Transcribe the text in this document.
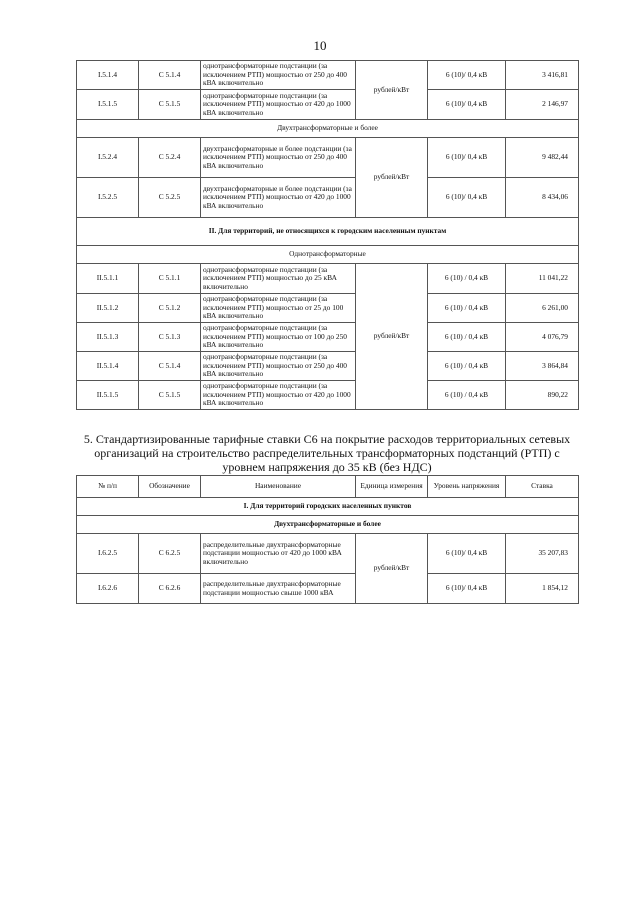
10
I.5.1.4	С 5.1.4	однотрансформаторные подстанции (за исключением РТП) мощностью от 250 до 400 кВА включительно	рублей/кВт	6 (10)/ 0,4 кВ	3 416,81
I.5.1.5	С 5.1.5	однотрансформаторные подстанции (за исключением РТП) мощностью от 420 до 1000 кВА включительно		6 (10)/ 0,4 кВ	2 146,97
Двухтрансформаторные и более					
I.5.2.4	С 5.2.4	двухтрансформаторные и более подстанции (за исключением РТП) мощностью от 250 до 400 кВА включительно	рублей/кВт	6 (10)/ 0,4 кВ	9 482,44
I.5.2.5	С 5.2.5	двухтрансформаторные и более подстанции (за исключением РТП) мощностью от 420 до 1000 кВА включительно		6 (10)/ 0,4 кВ	8 434,06
II. Для территорий, не относящихся к городским населенным пунктам					
Однотрансформаторные					
II.5.1.1	С 5.1.1	однотрансформаторные подстанции (за исключением РТП) мощностью до 25 кВА включительно	рублей/кВт	6 (10) / 0,4 кВ	11 041,22
II.5.1.2	С 5.1.2	однотрансформаторные подстанции (за исключением РТП) мощностью от 25 до 100 кВА включительно		6 (10) / 0,4 кВ	6 261,00
II.5.1.3	С 5.1.3	однотрансформаторные подстанции (за исключением РТП) мощностью от 100 до 250 кВА включительно		6 (10) / 0,4 кВ	4 076,79
II.5.1.4	С 5.1.4	однотрансформаторные подстанции (за исключением РТП) мощностью от 250 до 400 кВА включительно		6 (10) / 0,4 кВ	3 864,84
II.5.1.5	С 5.1.5	однотрансформаторные подстанции (за исключением РТП) мощностью от 420 до 1000 кВА включительно		6 (10) / 0,4 кВ	890,22
5. Стандартизированные тарифные ставки С6 на покрытие расходов территориальных сетевых организаций на строительство распределительных трансформаторных подстанций (РТП) с уровнем напряжения до 35 кВ (без НДС)
№ п/п	Обозначение	Наименование	Единица измерения	Уровень напряжения	Ставка
I. Для территорий городских населенных пунктов					
Двухтрансформаторные и более					
I.6.2.5	С 6.2.5	распределительные двухтрансформаторные подстанции мощностью от 420 до 1000 кВА включительно	рублей/кВт	6 (10)/ 0,4 кВ	35 207,83
I.6.2.6	С 6.2.6	распределительные двухтрансформаторные подстанции мощностью свыше 1000 кВА		6 (10)/ 0,4 кВ	1 854,12
